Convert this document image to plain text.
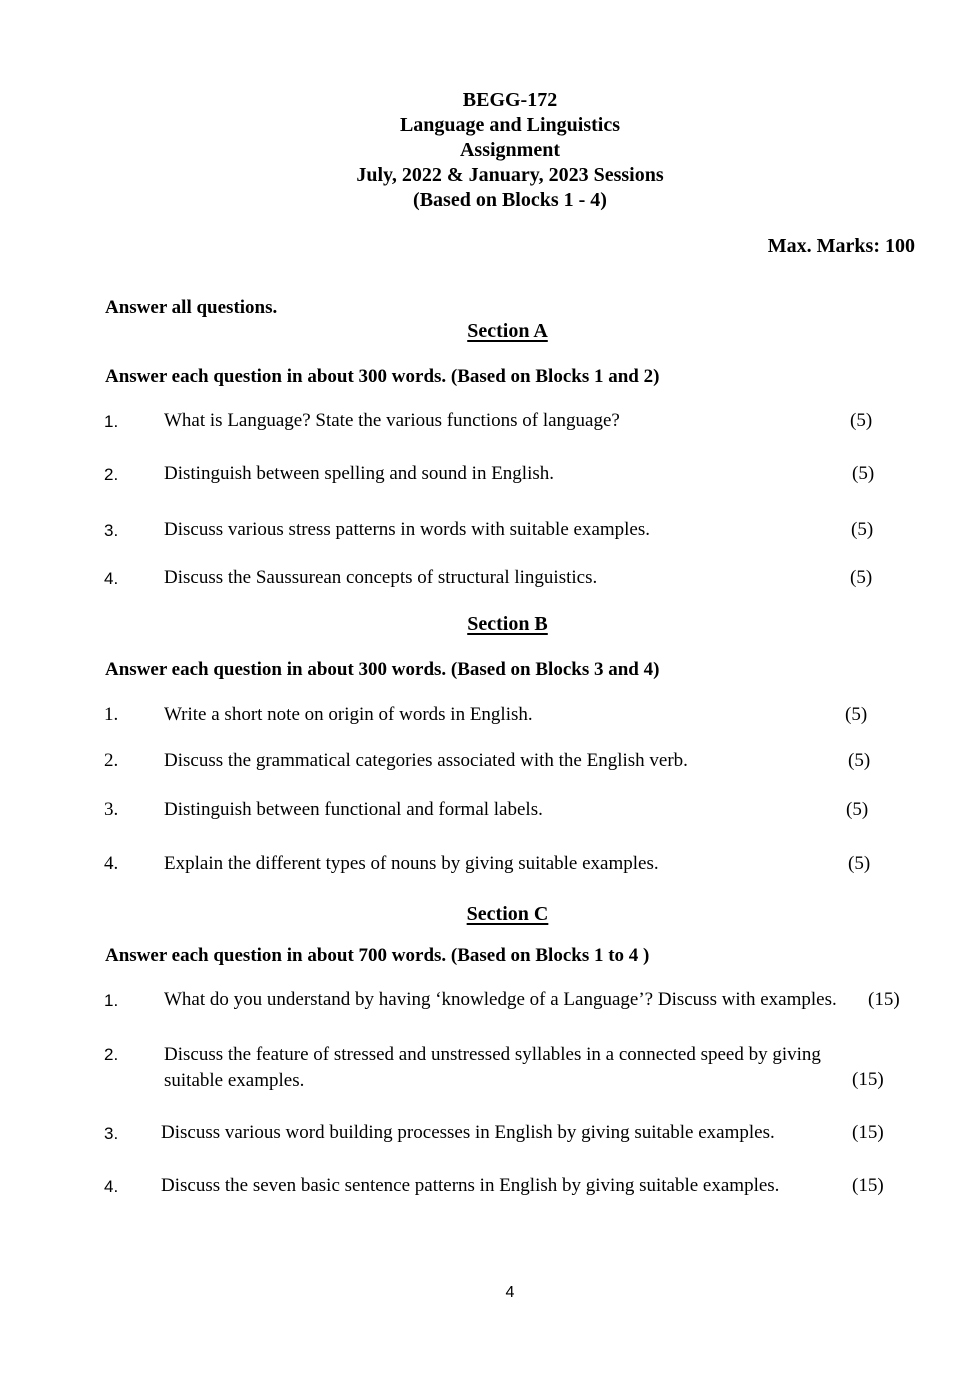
BEGG-172
Language and Linguistics
Assignment
July, 2022 & January, 2023 Sessions
(Based on Blocks 1 - 4)
Max. Marks: 100
Answer all questions.
Section A
Answer each question in about 300 words. (Based on Blocks 1 and 2)
1. What is Language? State the various functions of language?	(5)
2. Distinguish between spelling and sound in English.	(5)
3. Discuss various stress patterns in words with suitable examples.	(5)
4. Discuss the Saussurean concepts of structural linguistics.	(5)
Section B
Answer each question in about 300 words. (Based on Blocks 3 and 4)
1. Write a short note on origin of words in English.	(5)
2. Discuss the grammatical categories associated with the English verb.	(5)
3. Distinguish between functional and formal labels.	(5)
4. Explain the different types of nouns by giving suitable examples.	(5)
Section C
Answer each question in about 700 words. (Based on Blocks 1 to 4 )
1. What do you understand by having ‘knowledge of a Language’? Discuss with examples. (15)
2. Discuss the feature of stressed and unstressed syllables in a connected speed by giving suitable examples.	(15)
3. Discuss various word building processes in English by giving suitable examples.	(15)
4. Discuss the seven basic sentence patterns in English by giving suitable examples.	(15)
4
